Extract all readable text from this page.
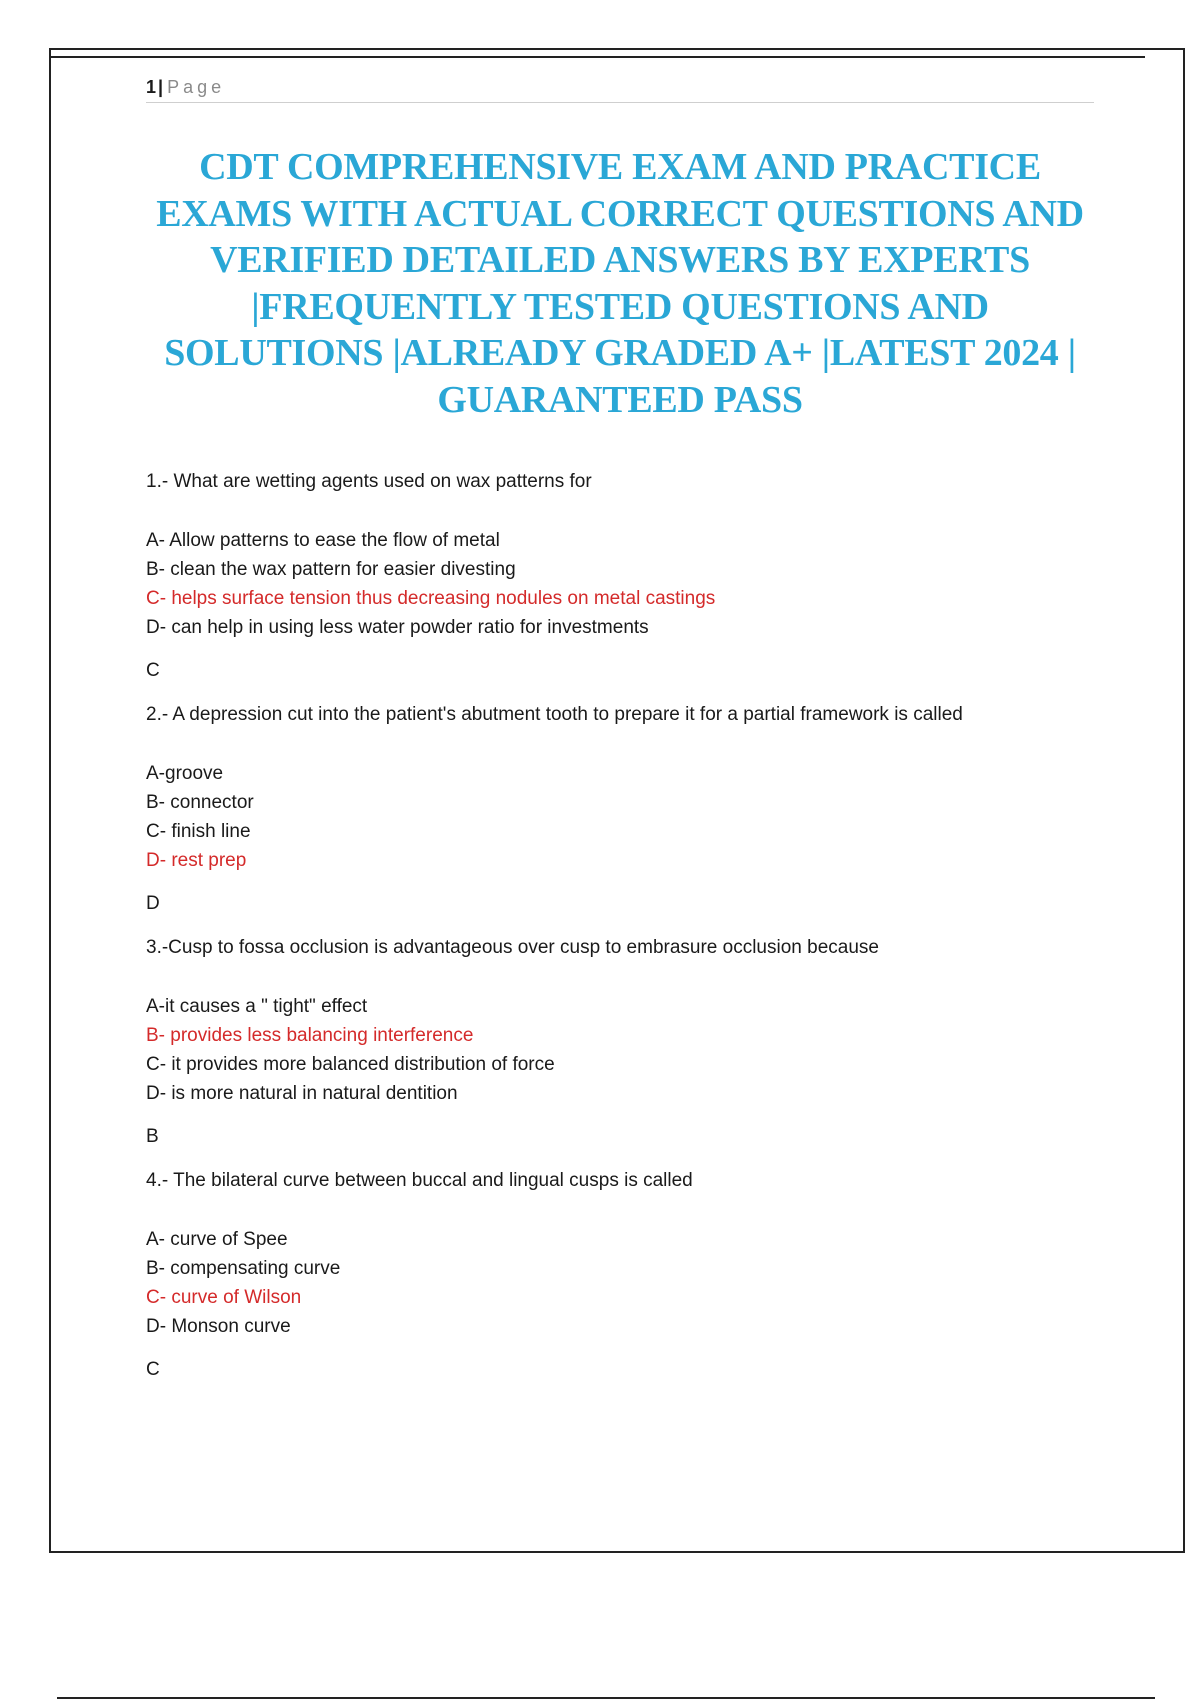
1 | Page
CDT COMPREHENSIVE EXAM AND PRACTICE EXAMS WITH ACTUAL CORRECT QUESTIONS AND VERIFIED DETAILED ANSWERS BY EXPERTS |FREQUENTLY TESTED QUESTIONS AND SOLUTIONS |ALREADY GRADED A+ |LATEST 2024 | GUARANTEED PASS
1.- What are wetting agents used on wax patterns for
A- Allow patterns to ease the flow of metal
B- clean the wax pattern for easier divesting
C- helps surface tension thus decreasing nodules on metal castings
D- can help in using less water powder ratio for investments
C
2.- A depression cut into the patient's abutment tooth to prepare it for a partial framework is called
A-groove
B- connector
C- finish line
D- rest prep
D
3.-Cusp to fossa occlusion is advantageous over cusp to embrasure occlusion because
A-it causes a " tight" effect
B- provides less balancing interference
C- it provides more balanced distribution of force
D- is more natural in natural dentition
B
4.- The bilateral curve between buccal and lingual cusps is called
A- curve of Spee
B- compensating curve
C- curve of Wilson
D- Monson curve
C
